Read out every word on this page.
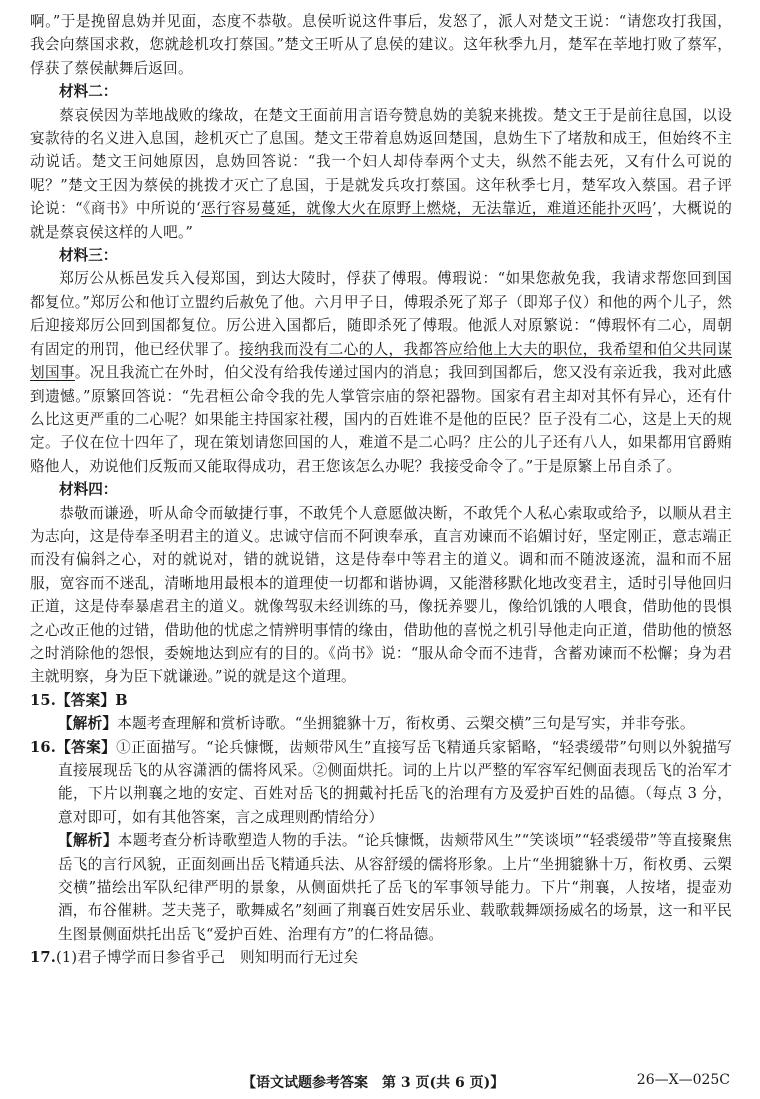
啊。”于是挽留息妫并见面，态度不恭敬。息侯听说这件事后，发怒了，派人对楚文王说：“请您攻打我国，我会向蔡国求救，您就趁机攻打蔡国。”楚文王听从了息侯的建议。这年秋季九月，楚军在莘地打败了蔡军，俘获了蔡侯献舞后返回。

材料二：

蔡哀侯因为莘地战败的缘故，在楚文王面前用言语夸赞息妫的美貌来挑拨。楚文王于是前往息国，以设宴款待的名义进入息国，趁机灭亡了息国。楚文王带着息妫返回楚国，息妫生下了堵敖和成王，但始终不主动说话。楚文王问她原因，息妫回答说：“我一个妇人却侍奉两个丈夫，纵然不能去死，又有什么可说的呢？”楚文王因为蔡侯的挑拨才灭亡了息国，于是就发兵攻打蔡国。这年秋季七月，楚军攻入蔡国。君子评论说：“《商书》中所说的‘恶行容易蔓延，就像大火在原野上燃烧，无法靠近，难道还能扑灭吗’，大概说的就是蔡哀侯这样的人吧。”

材料三：

郑厉公从栎邑发兵入侵郑国，到达大陵时，俘获了傅瑕。傅瑕说：“如果您赦免我，我请求帮您回到国都复位。”郑厉公和他订立盟约后赦免了他。六月甲子日，傅瑕杀死了郑子（即郑子仪）和他的两个儿子，然后迎接郑厉公回到国都复位。厉公进入国都后，随即杀死了傅瑕。他派人对原繁说：“傅瑕怀有二心，周朝有固定的刑罚，他已经伏罪了。接纳我而没有二心的人，我都答应给他上大夫的职位，我希望和伯父共同谋划国事。况且我流亡在外时，伯父没有给我传递过国内的消息；我回到国都后，您又没有亲近我，我对此感到遗憾。”原繁回答说：“先君桓公命令我的先人掌管宗庙的祭祀器物。国家有君主却对其怀有异心，还有什么比这更严重的二心呢？如果能主持国家社稷，国内的百姓谁不是他的臣民？臣子没有二心，这是上天的规定。子仪在位十四年了，现在策划请您回国的人，难道不是二心吗？庄公的儿子还有八人，如果都用官爵贿赂他人，劝说他们反叛而又能取得成功，君王您该怎么办呢？我接受命令了。”于是原繁上吊自杀了。

材料四：

恭敬而谦逊，听从命令而敏捷行事，不敢凭个人意愿做决断，不敢凭个人私心索取或给予，以顺从君主为志向，这是侍奉圣明君主的道义。忠诚守信而不阿谀奉承，直言劝谏而不谄媚讨好，坚定刚正，意志端正而没有偏斜之心，对的就说对，错的就说错，这是侍奉中等君主的道义。调和而不随波逐流，温和而不屈服，宽容而不迷乱，清晰地用最根本的道理使一切都和谐协调，又能潜移默化地改变君主，适时引导他回归正道，这是侍奉暴虐君主的道义。就像驾驭未经训练的马，像抚养婴儿，像给饥饿的人喂食，借助他的畏惧之心改正他的过错，借助他的忧虑之情辨明事情的缘由，借助他的喜悦之机引导他走向正道，借助他的愤怒之时消除他的怨恨，委婉地达到应有的目的。《尚书》说：“服从命令而不违背，含蓄劝谏而不松懈；身为君主就明察，身为臣下就谦逊。”说的就是这个道理。

15.【答案】B

【解析】本题考查理解和赏析诗歌。“坐拥貔貅十万，衔枚勇、云槊交横”三句是写实，并非夸张。

16.【答案】①正面描写。“论兵慷慨，齿颊带风生”直接写岳飞精通兵家韬略，“轻裘缓带”句则以外貌描写直接展现岳飞的从容潇洒的儒将风采。②侧面烘托。词的上片以严整的军容军纪侧面表现岳飞的治军才能，下片以荆襄之地的安定、百姓对岳飞的拥戴衬托岳飞的治理有方及爱护百姓的品德。（每点 3 分，意对即可，如有其他答案，言之成理则酌情给分）

【解析】本题考查分析诗歌塑造人物的手法。“论兵慷慨，齿颊带风生”“笑谈顷”“轻裘缓带”等直接聚焦岳飞的言行风貌，正面刻画出岳飞精通兵法、从容舒缓的儒将形象。上片“坐拥貔貅十万，衔枚勇、云槊交横”描绘出军队纪律严明的景象，从侧面烘托了岳飞的军事领导能力。下片“荆襄，人按堵，提壶劝酒，布谷催耕。芝夫荛子，歌舞威名”刻画了荆襄百姓安居乐业、载歌载舞颂扬威名的场景，这一和平民生图景侧面烘托出岳飞“爱护百姓、治理有方”的仁将品德。

17.(1)君子博学而日参省乎己　则知明而行无过矣

【语文试题参考答案　第 3 页(共 6 页)】	26—X—025C
